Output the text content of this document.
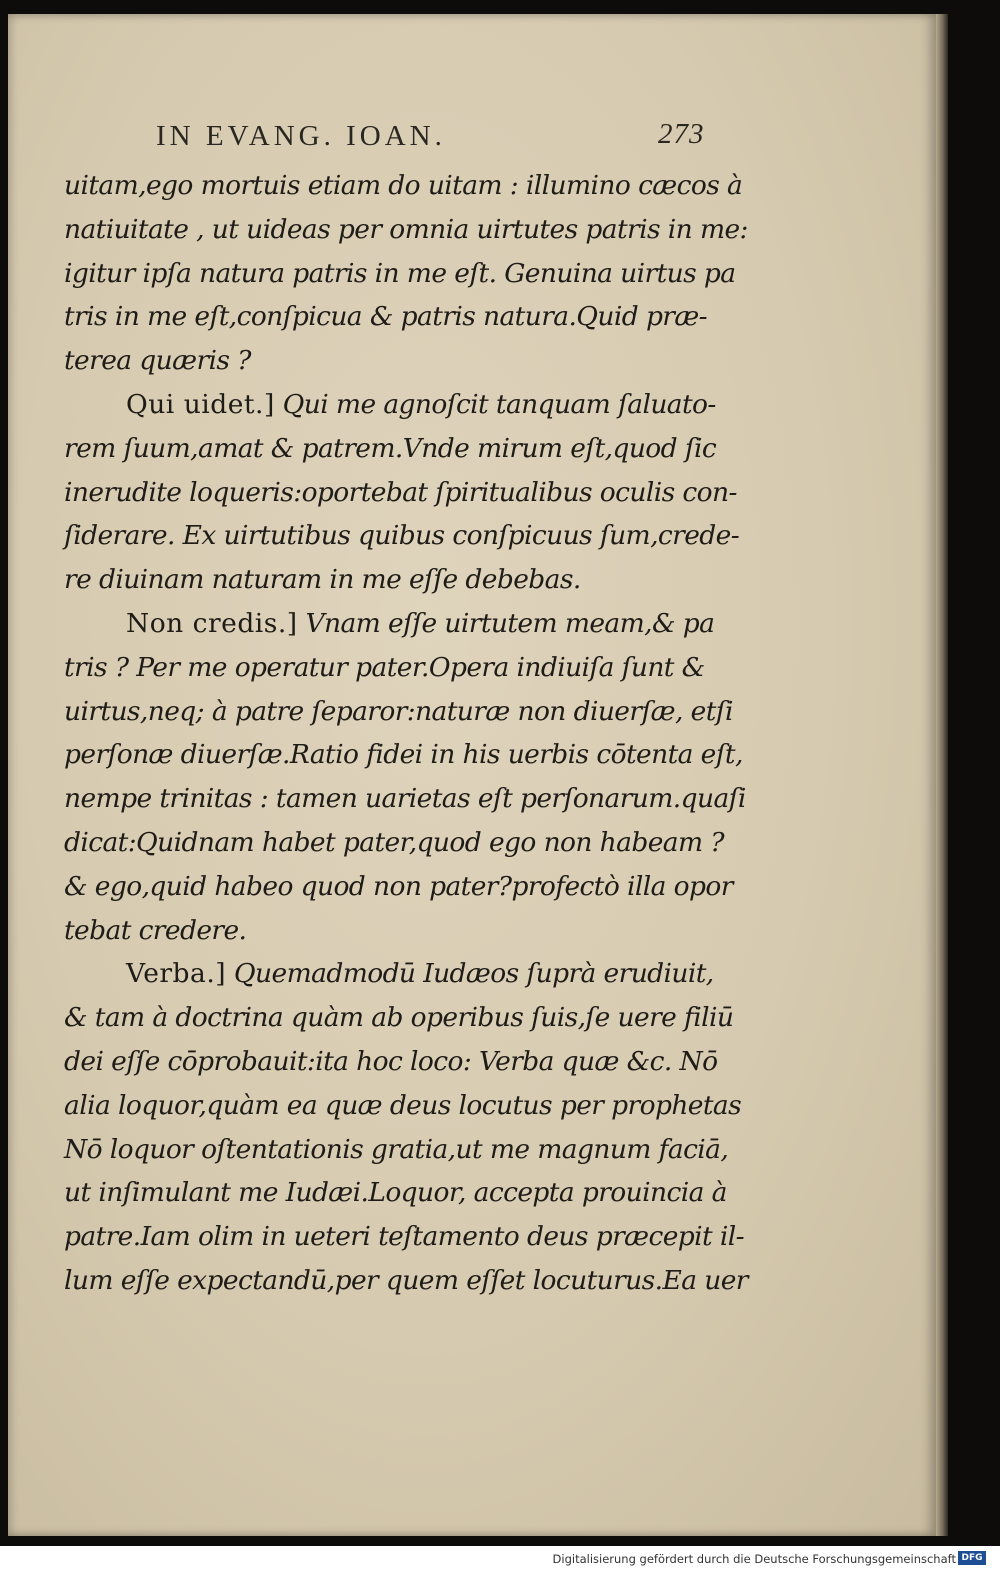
IN EVANG. IOAN.	273
uitam,ego mortuis etiam do uitam : illumino cæcos à
natiuitate , ut uideas per omnia uirtutes patris in me:
igitur ipſa natura patris in me eſt. Genuina uirtus pa
tris in me eſt,conſpicua & patris natura.Quid præ-
terea quæris ?
Qui uidet.] Qui me agnoſcit tanquam ſaluato-
rem ſuum,amat & patrem.Vnde mirum eſt,quod ſic
inerudite loqueris:oportebat ſpiritualibus oculis con-
ſiderare. Ex uirtutibus quibus conſpicuus ſum,crede-
re diuinam naturam in me eſſe debebas.
Non credis.] Vnam eſſe uirtutem meam,& pa
tris ? Per me operatur pater.Opera indiuiſa ſunt &
uirtus,neq; à patre ſeparor:naturæ non diuerſæ, etſi
perſonæ diuerſæ.Ratio fidei in his uerbis cōtenta eſt,
nempe trinitas : tamen uarietas eſt perſonarum.quaſi
dicat:Quidnam habet pater,quod ego non habeam ?
& ego,quid habeo quod non pater?profectò illa opor
tebat credere.
Verba.] Quemadmodū Iudæos ſuprà erudiuit,
& tam à doctrina quàm ab operibus ſuis,ſe uere filiū
dei eſſe cōprobauit:ita hoc loco: Verba quæ &c. Nō
alia loquor,quàm ea quæ deus locutus per prophetas
Nō loquor oſtentationis gratia,ut me magnum faciā,
ut inſimulant me Iudæi.Loquor, accepta prouincia à
patre.Iam olim in ueteri teſtamento deus præcepit il-
lum eſſe expectandū,per quem eſſet locuturus.Ea uer
Digitalisierung gefördert durch die Deutsche Forschungsgemeinschaft DFG
